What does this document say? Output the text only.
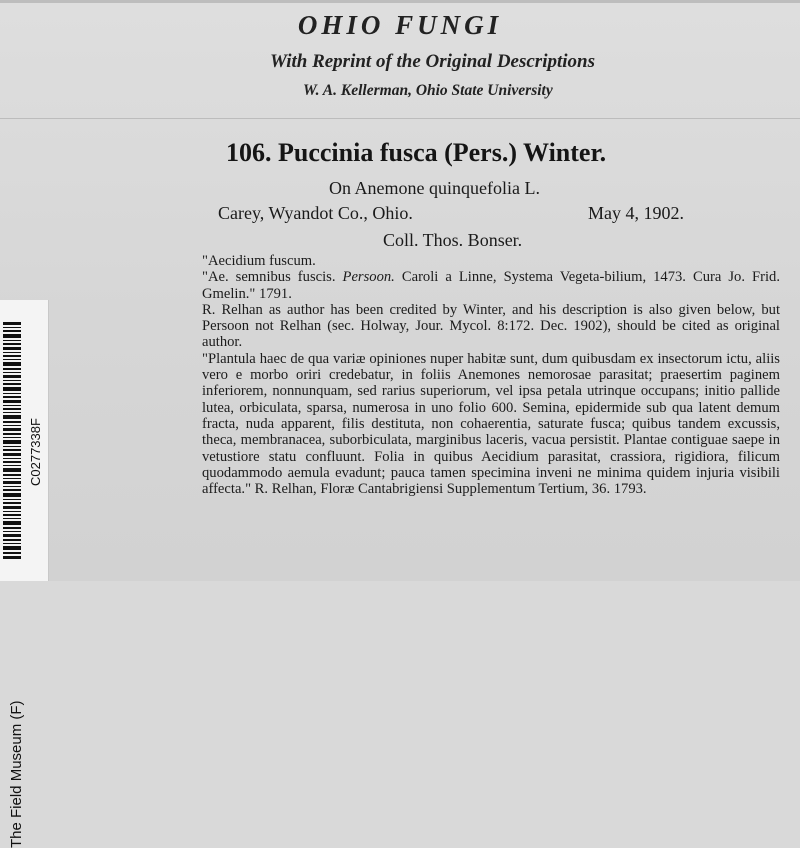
OHIO FUNGI
With Reprint of the Original Descriptions
W. A. Kellerman, Ohio State University
106. Puccinia fusca (Pers.) Winter.
On Anemone quinquefolia L.
Carey, Wyandot Co., Ohio.	May 4, 1902.
Coll. Thos. Bonser.

"Aecidium fuscum.

"Ae. semnibus fuscis. Persoon. Caroli a Linne, Systema Vegeta-bilium, 1473. Cura Jo. Frid. Gmelin." 1791.

R. Relhan as author has been credited by Winter, and his description is also given below, but Persoon not Relhan (sec. Holway, Jour. Mycol. 8:172. Dec. 1902), should be cited as original author.

"Plantula haec de qua variæ opiniones nuper habitæ sunt, dum quibusdam ex insectorum ictu, aliis vero e morbo oriri credebatur, in foliis Anemones nemorosae parasitat; praesertim paginem inferiorem, nonnunquam, sed rarius superiorum, vel ipsa petala utrinque occupans; initio pallide lutea, orbiculata, sparsa, numerosa in uno folio 600. Semina, epidermide sub qua latent demum fracta, nuda apparent, filis destituta, non cohaerentia, saturate fusca; quibus tandem excussis, theca, membranacea, suborbiculata, marginibus laceris, vacua persistit. Plantae contiguae saepe in vetustiore statu confluunt. Folia in quibus Aecidium parasitat, crassiora, rigidiora, filicum quodammodo aemula evadunt; pauca tamen specimina inveni ne minima quidem injuria visibili affecta." R. Relhan, Floræ Cantabrigiensi Supplementum Tertium, 36. 1793.

The Field Museum (F)
